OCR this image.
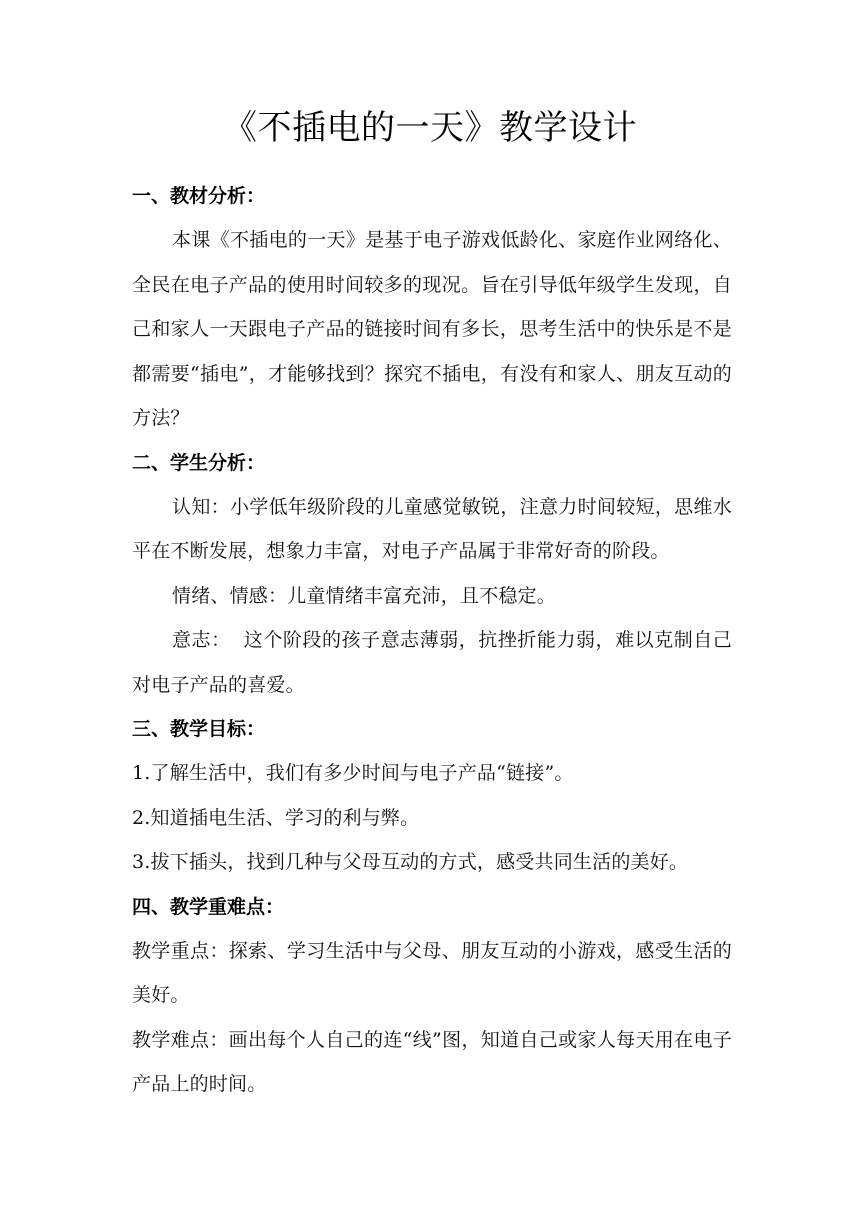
《不插电的一天》教学设计
一、教材分析：

本课《不插电的一天》是基于电子游戏低龄化、家庭作业网络化、全民在电子产品的使用时间较多的现况。旨在引导低年级学生发现，自己和家人一天跟电子产品的链接时间有多长，思考生活中的快乐是不是都需要“插电”，才能够找到？探究不插电，有没有和家人、朋友互动的方法？

二、学生分析：

认知：小学低年级阶段的儿童感觉敏锐，注意力时间较短，思维水平在不断发展，想象力丰富，对电子产品属于非常好奇的阶段。

情绪、情感：儿童情绪丰富充沛，且不稳定。

意志：  这个阶段的孩子意志薄弱，抗挫折能力弱，难以克制自己对电子产品的喜爱。

三、教学目标：

1.了解生活中，我们有多少时间与电子产品“链接”。

2.知道插电生活、学习的利与弊。

3.拔下插头，找到几种与父母互动的方式，感受共同生活的美好。

四、教学重难点：

教学重点：探索、学习生活中与父母、朋友互动的小游戏，感受生活的美好。

教学难点：画出每个人自己的连“线”图，知道自己或家人每天用在电子产品上的时间。
